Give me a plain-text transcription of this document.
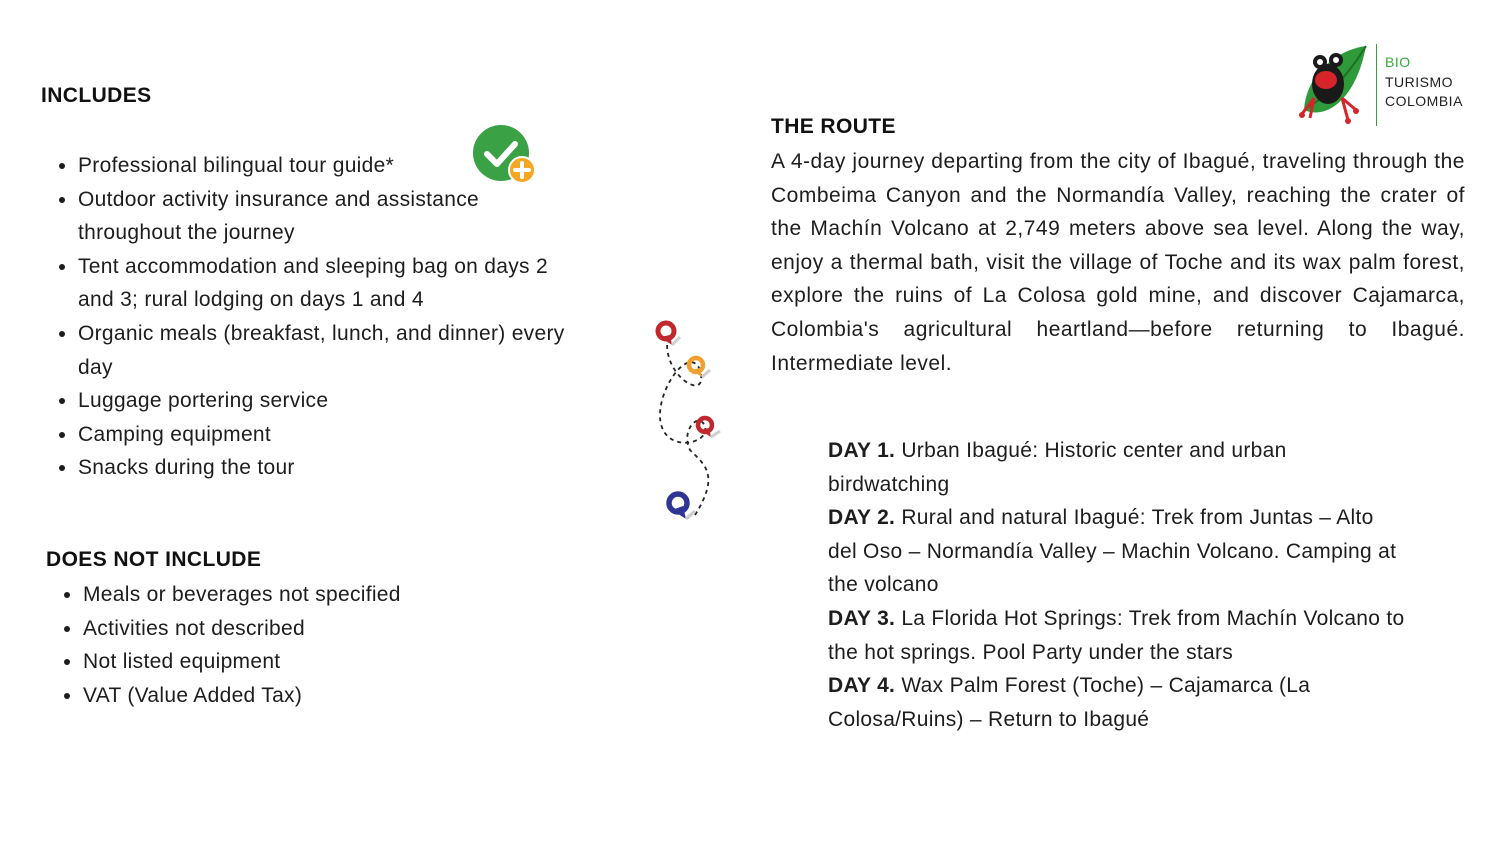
BIO
TURISMO
COLOMBIA
INCLUDES
• Professional bilingual tour guide*
• Outdoor activity insurance and assistance throughout the journey
• Tent accommodation and sleeping bag on days 2 and 3; rural lodging on days 1 and 4
• Organic meals (breakfast, lunch, and dinner) every day
• Luggage portering service
• Camping equipment
• Snacks during the tour
DOES NOT INCLUDE
• Meals or beverages not specified
• Activities not described
• Not listed equipment
• VAT (Value Added Tax)
THE ROUTE

A 4-day journey departing from the city of Ibagué, traveling through the Combeima Canyon and the Normandía Valley, reaching the crater of the Machín Volcano at 2,749 meters above sea level. Along the way, enjoy a thermal bath, visit the village of Toche and its wax palm forest, explore the ruins of La Colosa gold mine, and discover Cajamarca, Colombia's agricultural heartland—before returning to Ibagué. Intermediate level.

DAY 1. Urban Ibagué: Historic center and urban birdwatching
DAY 2. Rural and natural Ibagué: Trek from Juntas – Alto del Oso – Normandía Valley – Machin Volcano. Camping at the volcano
DAY 3. La Florida Hot Springs: Trek from Machín Volcano to the hot springs. Pool Party under the stars
DAY 4. Wax Palm Forest (Toche) – Cajamarca (La Colosa/Ruins) – Return to Ibagué
